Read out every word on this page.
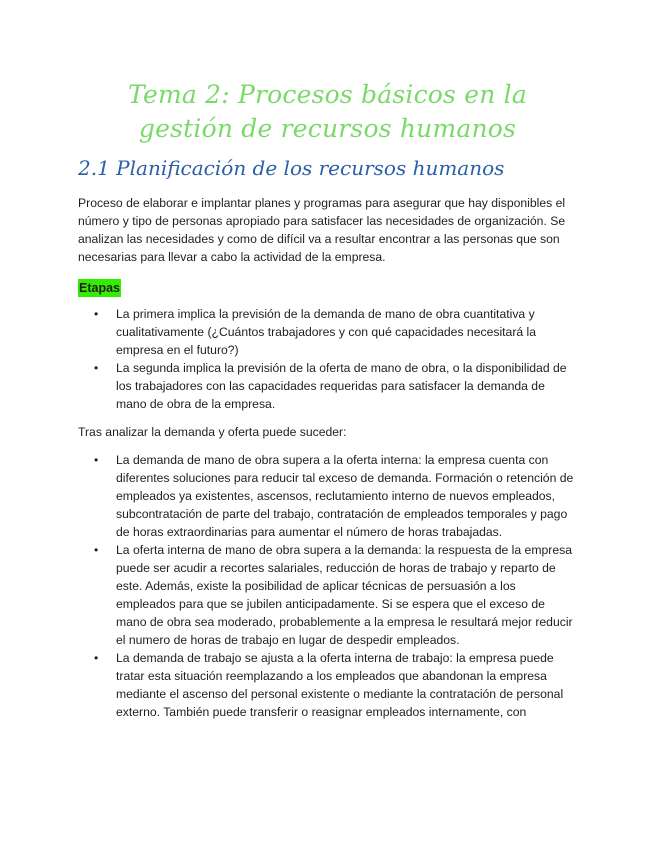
Tema 2: Procesos básicos en la gestión de recursos humanos
2.1 Planificación de los recursos humanos

Proceso de elaborar e implantar planes y programas para asegurar que hay disponibles el número y tipo de personas apropiado para satisfacer las necesidades de organización. Se analizan las necesidades y como de difícil va a resultar encontrar a las personas que son necesarias para llevar a cabo la actividad de la empresa.

Etapas
• La primera implica la previsión de la demanda de mano de obra cuantitativa y cualitativamente (¿Cuántos trabajadores y con qué capacidades necesitará la empresa en el futuro?)
• La segunda implica la previsión de la oferta de mano de obra, o la disponibilidad de los trabajadores con las capacidades requeridas para satisfacer la demanda de mano de obra de la empresa.

Tras analizar la demanda y oferta puede suceder:

• La demanda de mano de obra supera a la oferta interna: la empresa cuenta con diferentes soluciones para reducir tal exceso de demanda. Formación o retención de empleados ya existentes, ascensos, reclutamiento interno de nuevos empleados, subcontratación de parte del trabajo, contratación de empleados temporales y pago de horas extraordinarias para aumentar el número de horas trabajadas.
• La oferta interna de mano de obra supera a la demanda: la respuesta de la empresa puede ser acudir a recortes salariales, reducción de horas de trabajo y reparto de este. Además, existe la posibilidad de aplicar técnicas de persuasión a los empleados para que se jubilen anticipadamente. Si se espera que el exceso de mano de obra sea moderado, probablemente a la empresa le resultará mejor reducir el numero de horas de trabajo en lugar de despedir empleados.
• La demanda de trabajo se ajusta a la oferta interna de trabajo: la empresa puede tratar esta situación reemplazando a los empleados que abandonan la empresa mediante el ascenso del personal existente o mediante la contratación de personal externo. También puede transferir o reasignar empleados internamente, con
